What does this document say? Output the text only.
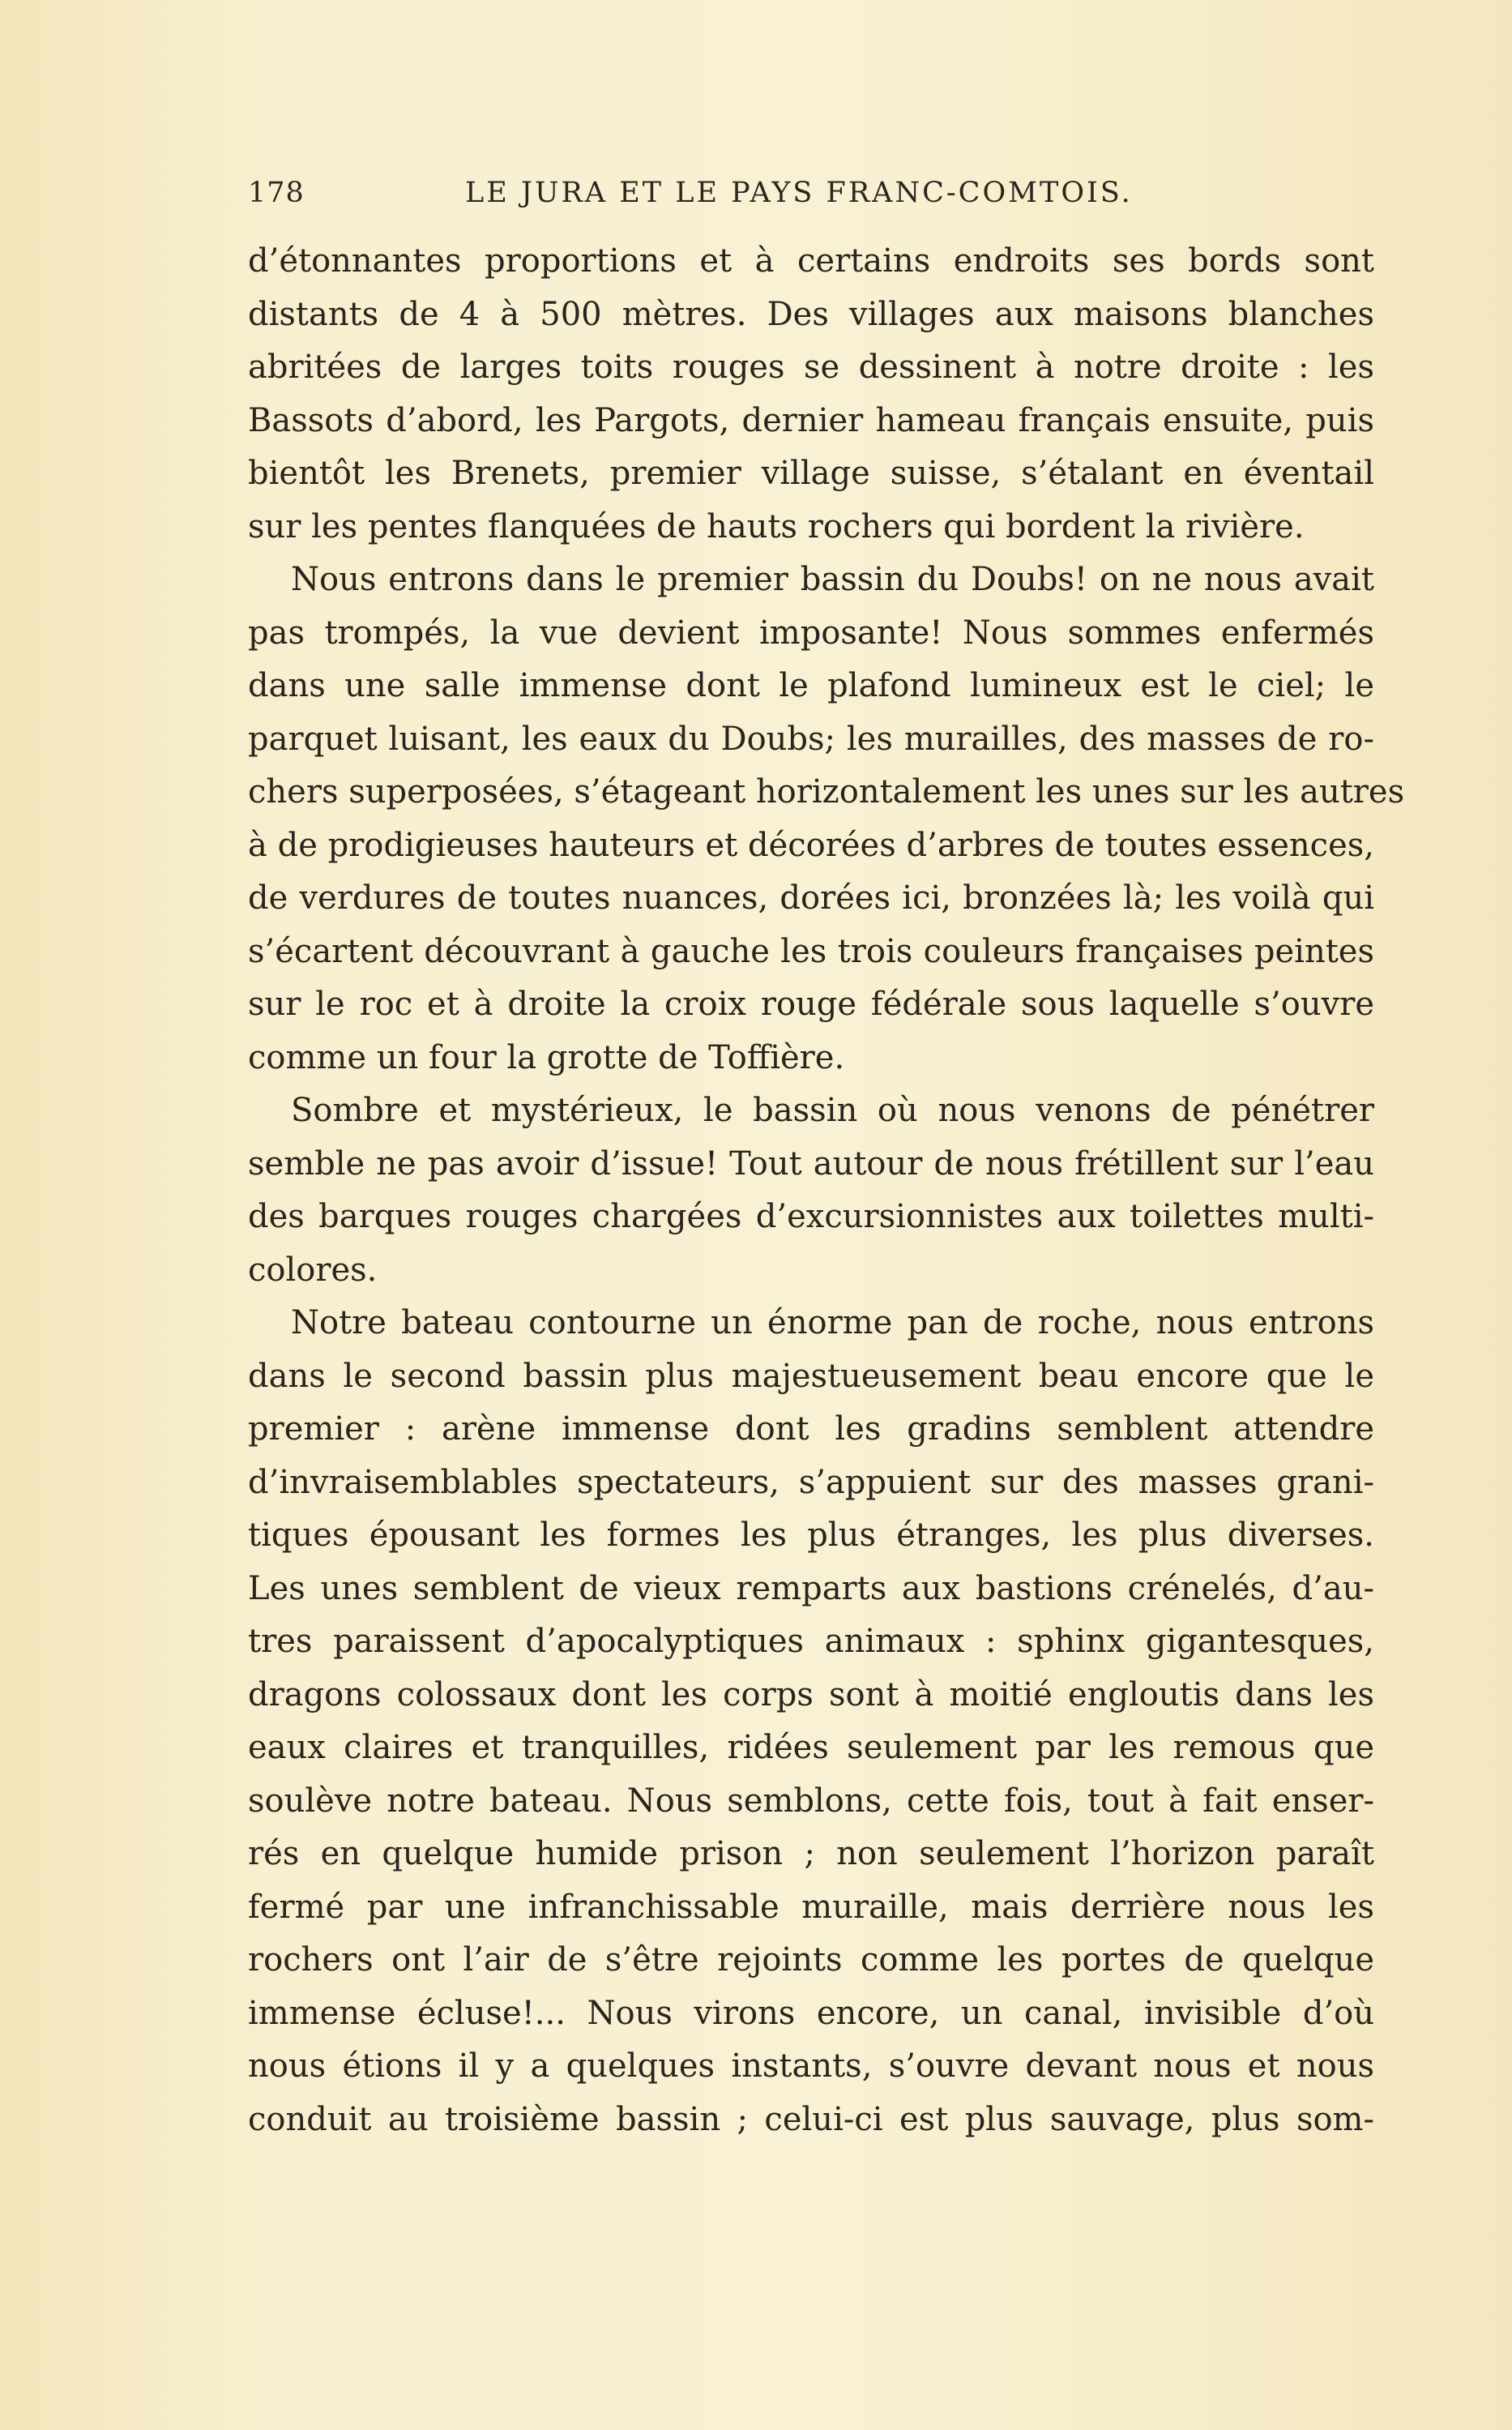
178	LE JURA ET LE PAYS FRANC-COMTOIS.
d’étonnantes proportions et à certains endroits ses bords sont
distants de 4 à 500 mètres. Des villages aux maisons blanches
abritées de larges toits rouges se dessinent à notre droite : les
Bassots d’abord, les Pargots, dernier hameau français ensuite, puis
bientôt les Brenets, premier village suisse, s’étalant en éventail
sur les pentes flanquées de hauts rochers qui bordent la rivière.
Nous entrons dans le premier bassin du Doubs! on ne nous avait
pas trompés, la vue devient imposante! Nous sommes enfermés
dans une salle immense dont le plafond lumineux est le ciel; le
parquet luisant, les eaux du Doubs; les murailles, des masses de ro-
chers superposées, s’étageant horizontalement les unes sur les autres
à de prodigieuses hauteurs et décorées d’arbres de toutes essences,
de verdures de toutes nuances, dorées ici, bronzées là; les voilà qui
s’écartent découvrant à gauche les trois couleurs françaises peintes
sur le roc et à droite la croix rouge fédérale sous laquelle s’ouvre
comme un four la grotte de Toffière.
Sombre et mystérieux, le bassin où nous venons de pénétrer
semble ne pas avoir d’issue! Tout autour de nous frétillent sur l’eau
des barques rouges chargées d’excursionnistes aux toilettes multi-
colores.
Notre bateau contourne un énorme pan de roche, nous entrons
dans le second bassin plus majestueusement beau encore que le
premier : arène immense dont les gradins semblent attendre
d’invraisemblables spectateurs, s’appuient sur des masses grani-
tiques épousant les formes les plus étranges, les plus diverses.
Les unes semblent de vieux remparts aux bastions crénelés, d’au-
tres paraissent d’apocalyptiques animaux : sphinx gigantesques,
dragons colossaux dont les corps sont à moitié engloutis dans les
eaux claires et tranquilles, ridées seulement par les remous que
soulève notre bateau. Nous semblons, cette fois, tout à fait enser-
rés en quelque humide prison ; non seulement l’horizon paraît
fermé par une infranchissable muraille, mais derrière nous les
rochers ont l’air de s’être rejoints comme les portes de quelque
immense écluse!... Nous virons encore, un canal, invisible d’où
nous étions il y a quelques instants, s’ouvre devant nous et nous
conduit au troisième bassin ; celui-ci est plus sauvage, plus som-
